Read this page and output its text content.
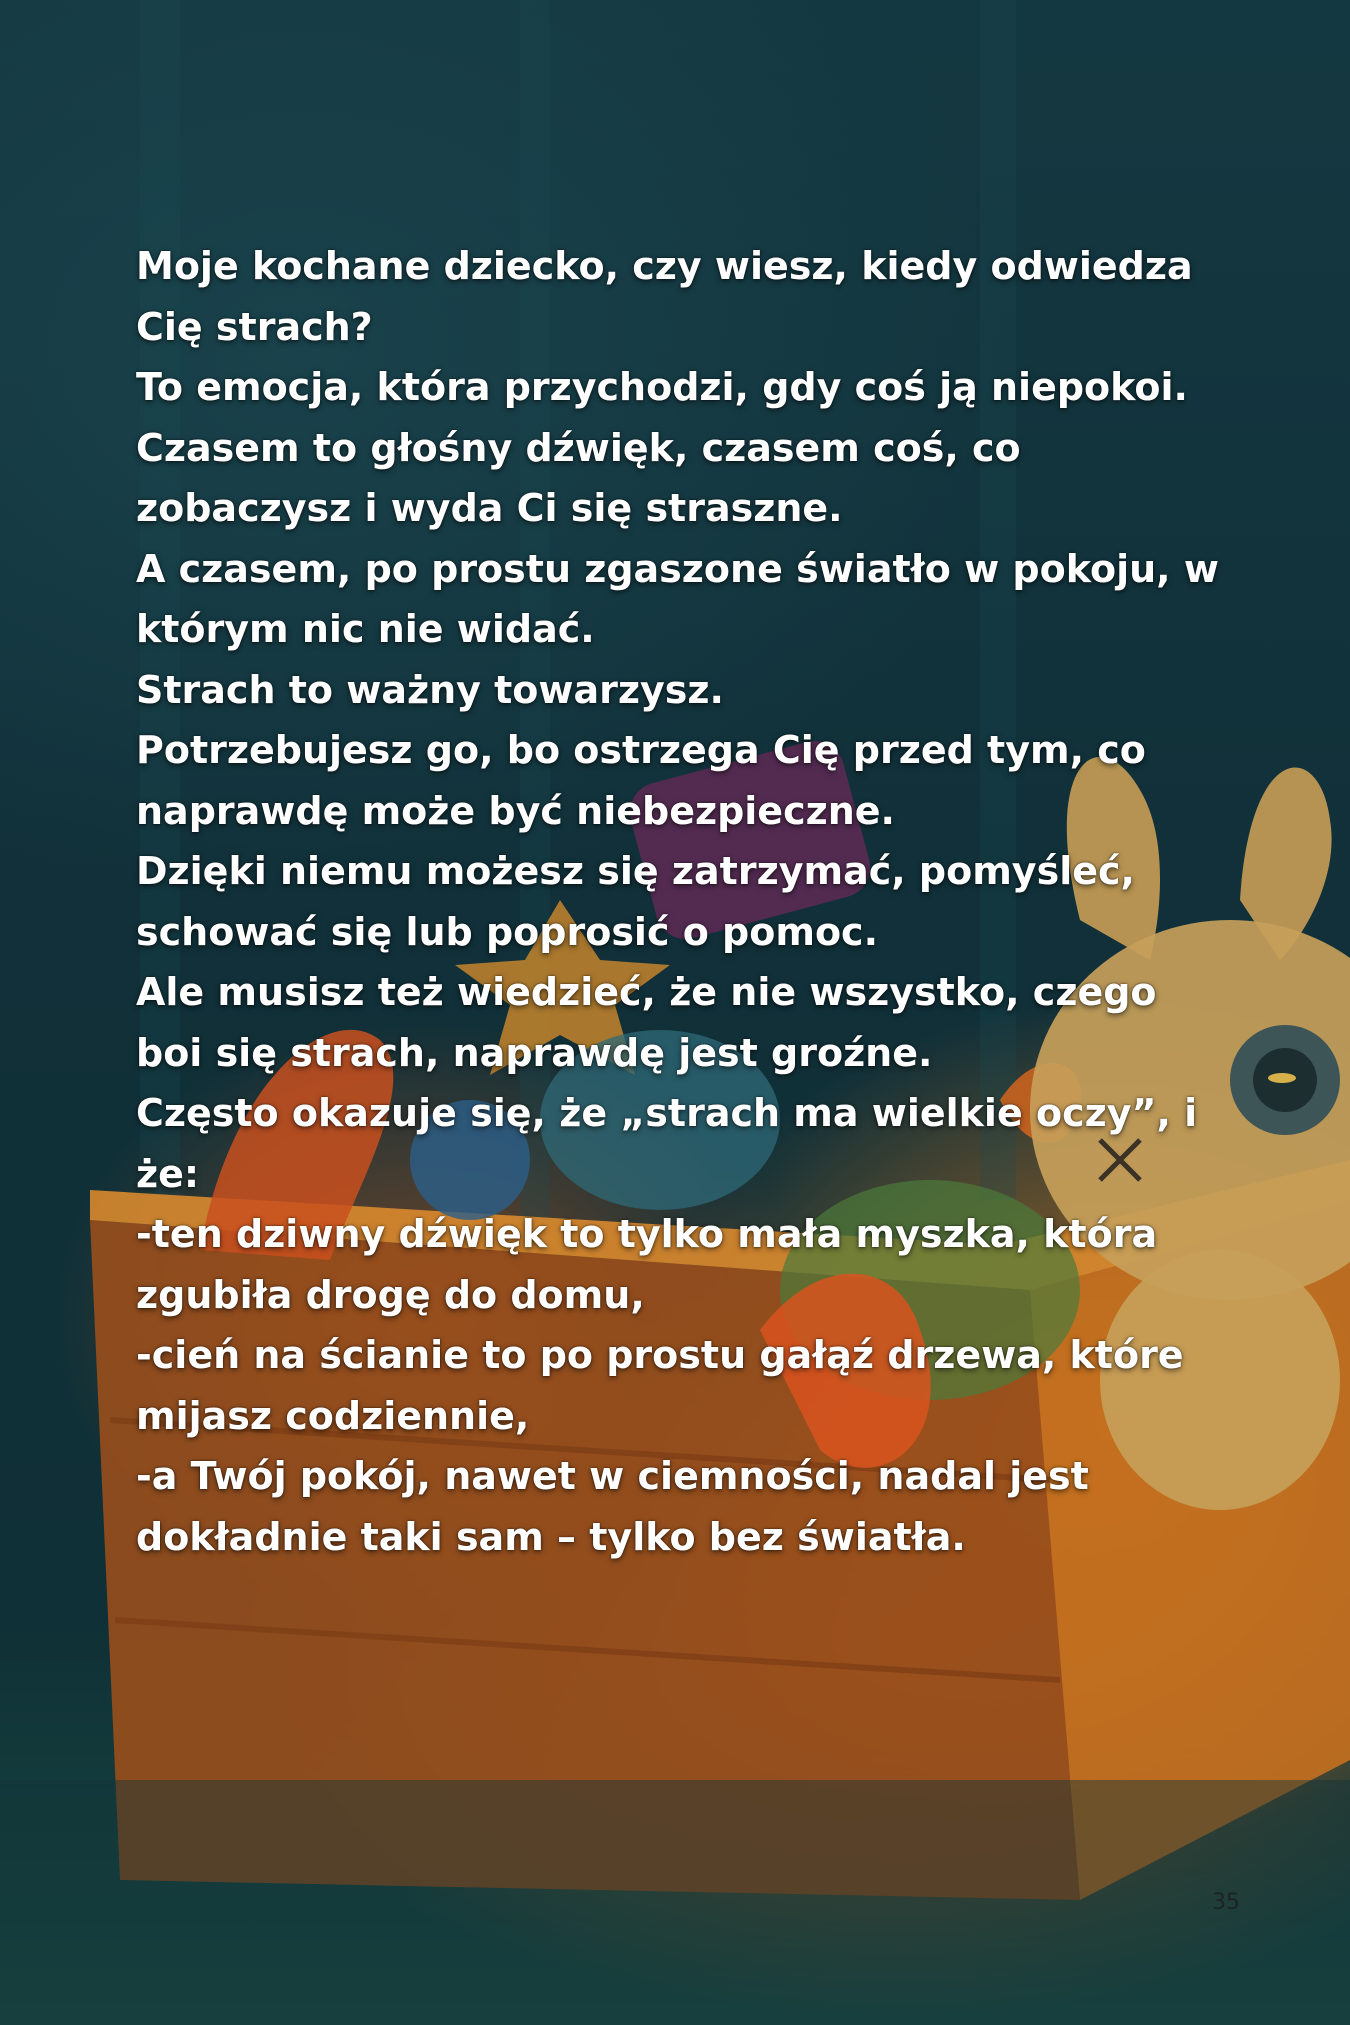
Moje kochane dziecko, czy wiesz, kiedy odwiedza
Cię strach?
To emocja, która przychodzi, gdy coś ją niepokoi.
Czasem to głośny dźwięk, czasem coś, co
zobaczysz i wyda Ci się straszne.
A czasem, po prostu zgaszone światło w pokoju, w
którym nic nie widać.
Strach to ważny towarzysz.
Potrzebujesz go, bo ostrzega Cię przed tym, co
naprawdę może być niebezpieczne.
Dzięki niemu możesz się zatrzymać, pomyśleć,
schować się lub poprosić o pomoc.
Ale musisz też wiedzieć, że nie wszystko, czego
boi się strach, naprawdę jest groźne.
Często okazuje się, że „strach ma wielkie oczy”, i
że:
-ten dziwny dźwięk to tylko mała myszka, która
zgubiła drogę do domu,
-cień na ścianie to po prostu gałąź drzewa, które
mijasz codziennie,
-a Twój pokój, nawet w ciemności, nadal jest
dokładnie taki sam – tylko bez światła.
35
